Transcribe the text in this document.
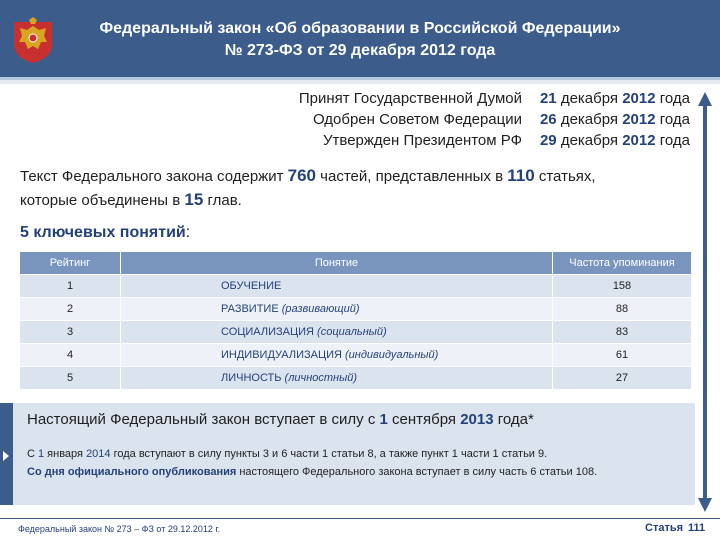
Федеральный закон «Об образовании в Российской Федерации»
№ 273-ФЗ от 29 декабря 2012 года
Принят Государственной Думой	21 декабря 2012 года
Одобрен Советом Федерации	26 декабря 2012 года
Утвержден Президентом РФ	29 декабря 2012 года
Текст Федерального закона содержит 760 частей, представленных в 110 статьях,
которые объединены в 15 глав.
5 ключевых понятий:
Рейтинг	Понятие	Частота упоминания
1	ОБУЧЕНИЕ	158
2	РАЗВИТИЕ (развивающий)	88
3	СОЦИАЛИЗАЦИЯ (социальный)	83
4	ИНДИВИДУАЛИЗАЦИЯ (индивидуальный)	61
5	ЛИЧНОСТЬ (личностный)	27
Настоящий Федеральный закон вступает в силу с 1 сентября 2013 года*
С 1 января 2014 года вступают в силу пункты 3 и 6 части 1 статьи 8, а также пункт 1 части 1 статьи 9.
Со дня официального опубликования настоящего Федерального закона вступает в силу часть 6 статьи 108.
Федеральный закон № 273 – ФЗ от 29.12.2012 г.	Статья 111
